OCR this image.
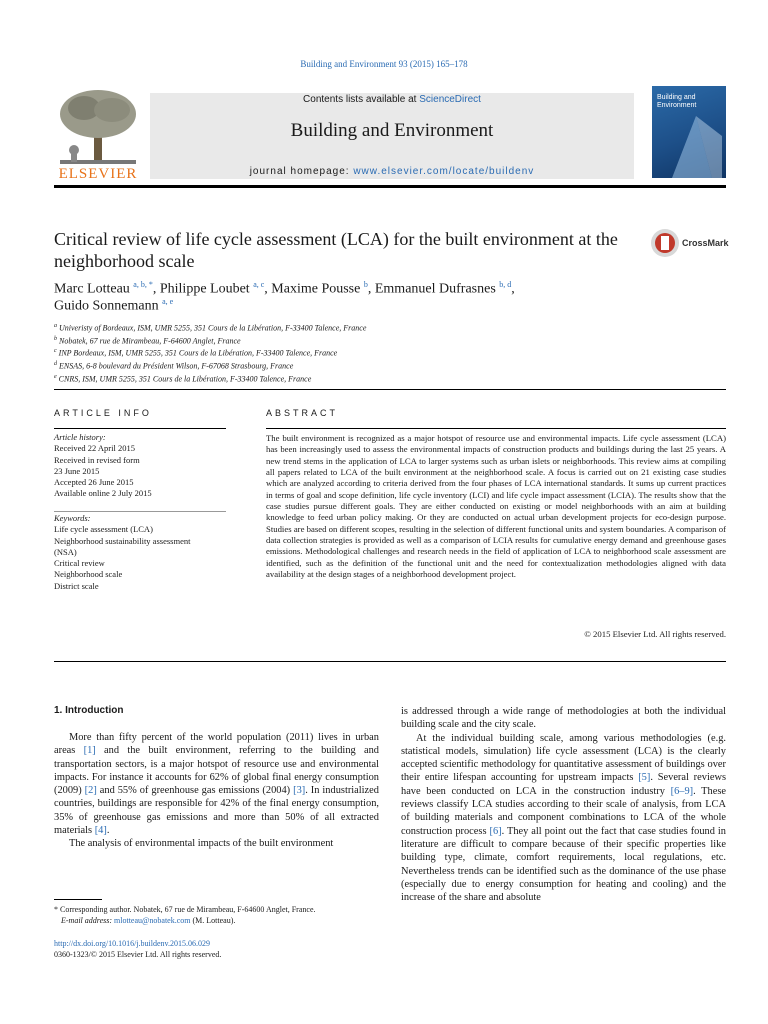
Building and Environment 93 (2015) 165–178
ELSEVIER
Contents lists available at ScienceDirect
Building and Environment
journal homepage: www.elsevier.com/locate/buildenv
Building and Environment
Critical review of life cycle assessment (LCA) for the built environment at the neighborhood scale
CrossMark
Marc Lotteau $^{a, b, *}$, Philippe Loubet $^{a, c}$, Maxime Pousse $^b$, Emmanuel Dufrasnes $^{b, d}$,
Guido Sonnemann $^{a, e}$
$^a$ Univeristy of Bordeaux, ISM, UMR 5255, 351 Cours de la Libération, F-33400 Talence, France
$^b$ Nobatek, 67 rue de Mirambeau, F-64600 Anglet, France
$^c$ INP Bordeaux, ISM, UMR 5255, 351 Cours de la Libération, F-33400 Talence, France
$^d$ ENSAS, 6-8 boulevard du Président Wilson, F-67068 Strasbourg, France
$^e$ CNRS, ISM, UMR 5255, 351 Cours de la Libération, F-33400 Talence, France
ARTICLE INFO
Article history:
Received 22 April 2015
Received in revised form
23 June 2015
Accepted 26 June 2015
Available online 2 July 2015
Keywords:
Life cycle assessment (LCA)
Neighborhood sustainability assessment
(NSA)
Critical review
Neighborhood scale
District scale
ABSTRACT
The built environment is recognized as a major hotspot of resource use and environmental impacts. Life cycle assessment (LCA) has been increasingly used to assess the environmental impacts of construction products and buildings during the last 25 years. A new trend stems in the application of LCA to larger systems such as urban islets or neighborhoods. This review aims at compiling all papers related to LCA of the built environment at the neighborhood scale. A focus is carried out on 21 existing case studies which are analyzed according to criteria derived from the four phases of LCA international standards. It sums up current practices in terms of goal and scope definition, life cycle inventory (LCI) and life cycle impact assessment (LCIA). The results show that the case studies pursue different goals. They are either conducted on existing or model neighborhoods with an aim at building knowledge to feed urban policy making. Or they are conducted on actual urban development projects for eco-design purpose. Studies are based on different scopes, resulting in the selection of different functional units and system boundaries. A comparison of data collection strategies is provided as well as a comparison of LCIA results for cumulative energy demand and greenhouse gases emissions. Methodological challenges and research needs in the field of application of LCA to neighborhood scale assessment are identified, such as the definition of the functional unit and the need for contextualization methodologies aligned with data availability at the design stages of a neighborhood development project.
© 2015 Elsevier Ltd. All rights reserved.
1. Introduction
More than fifty percent of the world population (2011) lives in urban areas [1] and the built environment, referring to the building and transportation sectors, is a major hotspot of resource use and environmental impacts. For instance it accounts for 62% of global final energy consumption (2009) [2] and 55% of greenhouse gas emissions (2004) [3]. In industrialized countries, buildings are responsible for 42% of the final energy consumption, 35% of greenhouse gas emissions and more than 50% of all extracted materials [4].
The analysis of environmental impacts of the built environment
is addressed through a wide range of methodologies at both the individual building scale and the city scale.
At the individual building scale, among various methodologies (e.g. statistical models, simulation) life cycle assessment (LCA) is the clearly accepted scientific methodology for quantitative assessment of buildings over their entire lifespan accounting for upstream impacts [5]. Several reviews have been conducted on LCA in the construction industry [6–9]. These reviews classify LCA studies according to their scale of analysis, from LCA of building materials and component combinations to LCA of the whole construction process [6]. They all point out the fact that case studies found in literature are difficult to compare because of their specific properties like building type, climate, comfort requirements, local regulations, etc. Nevertheless trends can be identified such as the dominance of the use phase (especially due to energy consumption for heating and cooling) and the increase of the share and absolute
* Corresponding author. Nobatek, 67 rue de Mirambeau, F-64600 Anglet, France.
E-mail address: mlotteau@nobatek.com (M. Lotteau).
http://dx.doi.org/10.1016/j.buildenv.2015.06.029
0360-1323/© 2015 Elsevier Ltd. All rights reserved.
